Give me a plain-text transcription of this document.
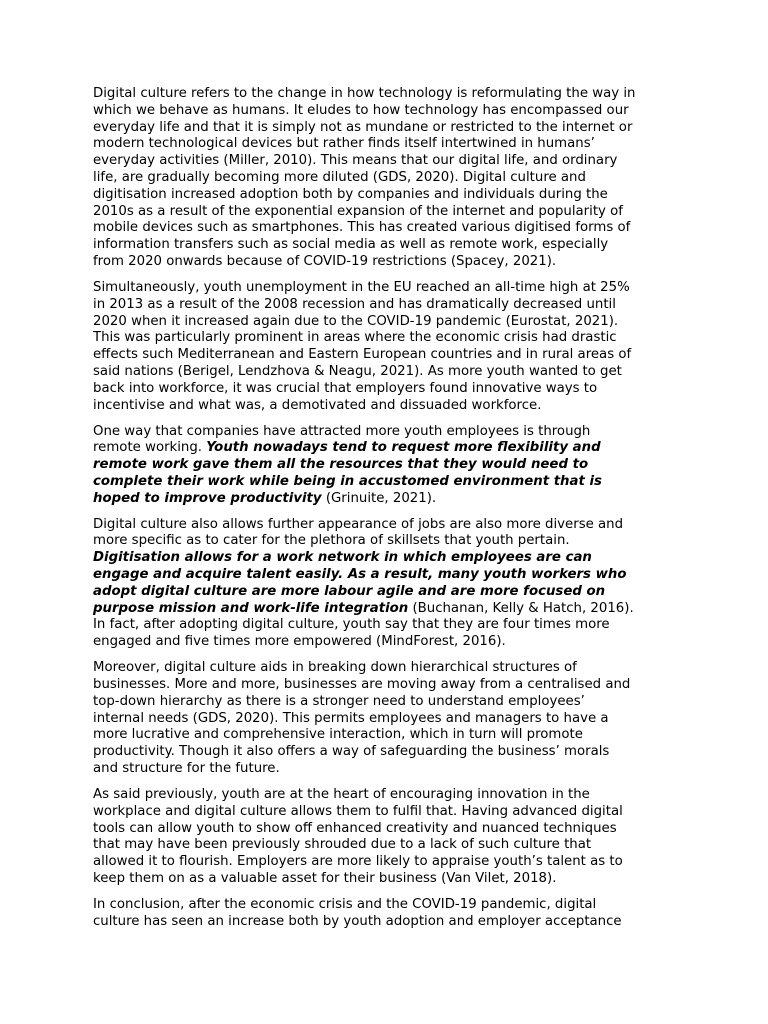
Digital culture refers to the change in how technology is reformulating the way in
which we behave as humans. It eludes to how technology has encompassed our
everyday life and that it is simply not as mundane or restricted to the internet or
modern technological devices but rather finds itself intertwined in humans’
everyday activities (Miller, 2010). This means that our digital life, and ordinary
life, are gradually becoming more diluted (GDS, 2020). Digital culture and
digitisation increased adoption both by companies and individuals during the
2010s as a result of the exponential expansion of the internet and popularity of
mobile devices such as smartphones. This has created various digitised forms of
information transfers such as social media as well as remote work, especially
from 2020 onwards because of COVID-19 restrictions (Spacey, 2021).

Simultaneously, youth unemployment in the EU reached an all-time high at 25%
in 2013 as a result of the 2008 recession and has dramatically decreased until
2020 when it increased again due to the COVID-19 pandemic (Eurostat, 2021).
This was particularly prominent in areas where the economic crisis had drastic
effects such Mediterranean and Eastern European countries and in rural areas of
said nations (Berigel, Lendzhova & Neagu, 2021). As more youth wanted to get
back into workforce, it was crucial that employers found innovative ways to
incentivise and what was, a demotivated and dissuaded workforce.

One way that companies have attracted more youth employees is through
remote working. Youth nowadays tend to request more flexibility and
remote work gave them all the resources that they would need to
complete their work while being in accustomed environment that is
hoped to improve productivity (Grinuite, 2021).

Digital culture also allows further appearance of jobs are also more diverse and
more specific as to cater for the plethora of skillsets that youth pertain.
Digitisation allows for a work network in which employees are can
engage and acquire talent easily. As a result, many youth workers who
adopt digital culture are more labour agile and are more focused on
purpose mission and work-life integration (Buchanan, Kelly & Hatch, 2016).
In fact, after adopting digital culture, youth say that they are four times more
engaged and five times more empowered (MindForest, 2016).

Moreover, digital culture aids in breaking down hierarchical structures of
businesses. More and more, businesses are moving away from a centralised and
top-down hierarchy as there is a stronger need to understand employees’
internal needs (GDS, 2020). This permits employees and managers to have a
more lucrative and comprehensive interaction, which in turn will promote
productivity. Though it also offers a way of safeguarding the business’ morals
and structure for the future.

As said previously, youth are at the heart of encouraging innovation in the
workplace and digital culture allows them to fulfil that. Having advanced digital
tools can allow youth to show off enhanced creativity and nuanced techniques
that may have been previously shrouded due to a lack of such culture that
allowed it to flourish. Employers are more likely to appraise youth’s talent as to
keep them on as a valuable asset for their business (Van Vilet, 2018).

In conclusion, after the economic crisis and the COVID-19 pandemic, digital
culture has seen an increase both by youth adoption and employer acceptance
